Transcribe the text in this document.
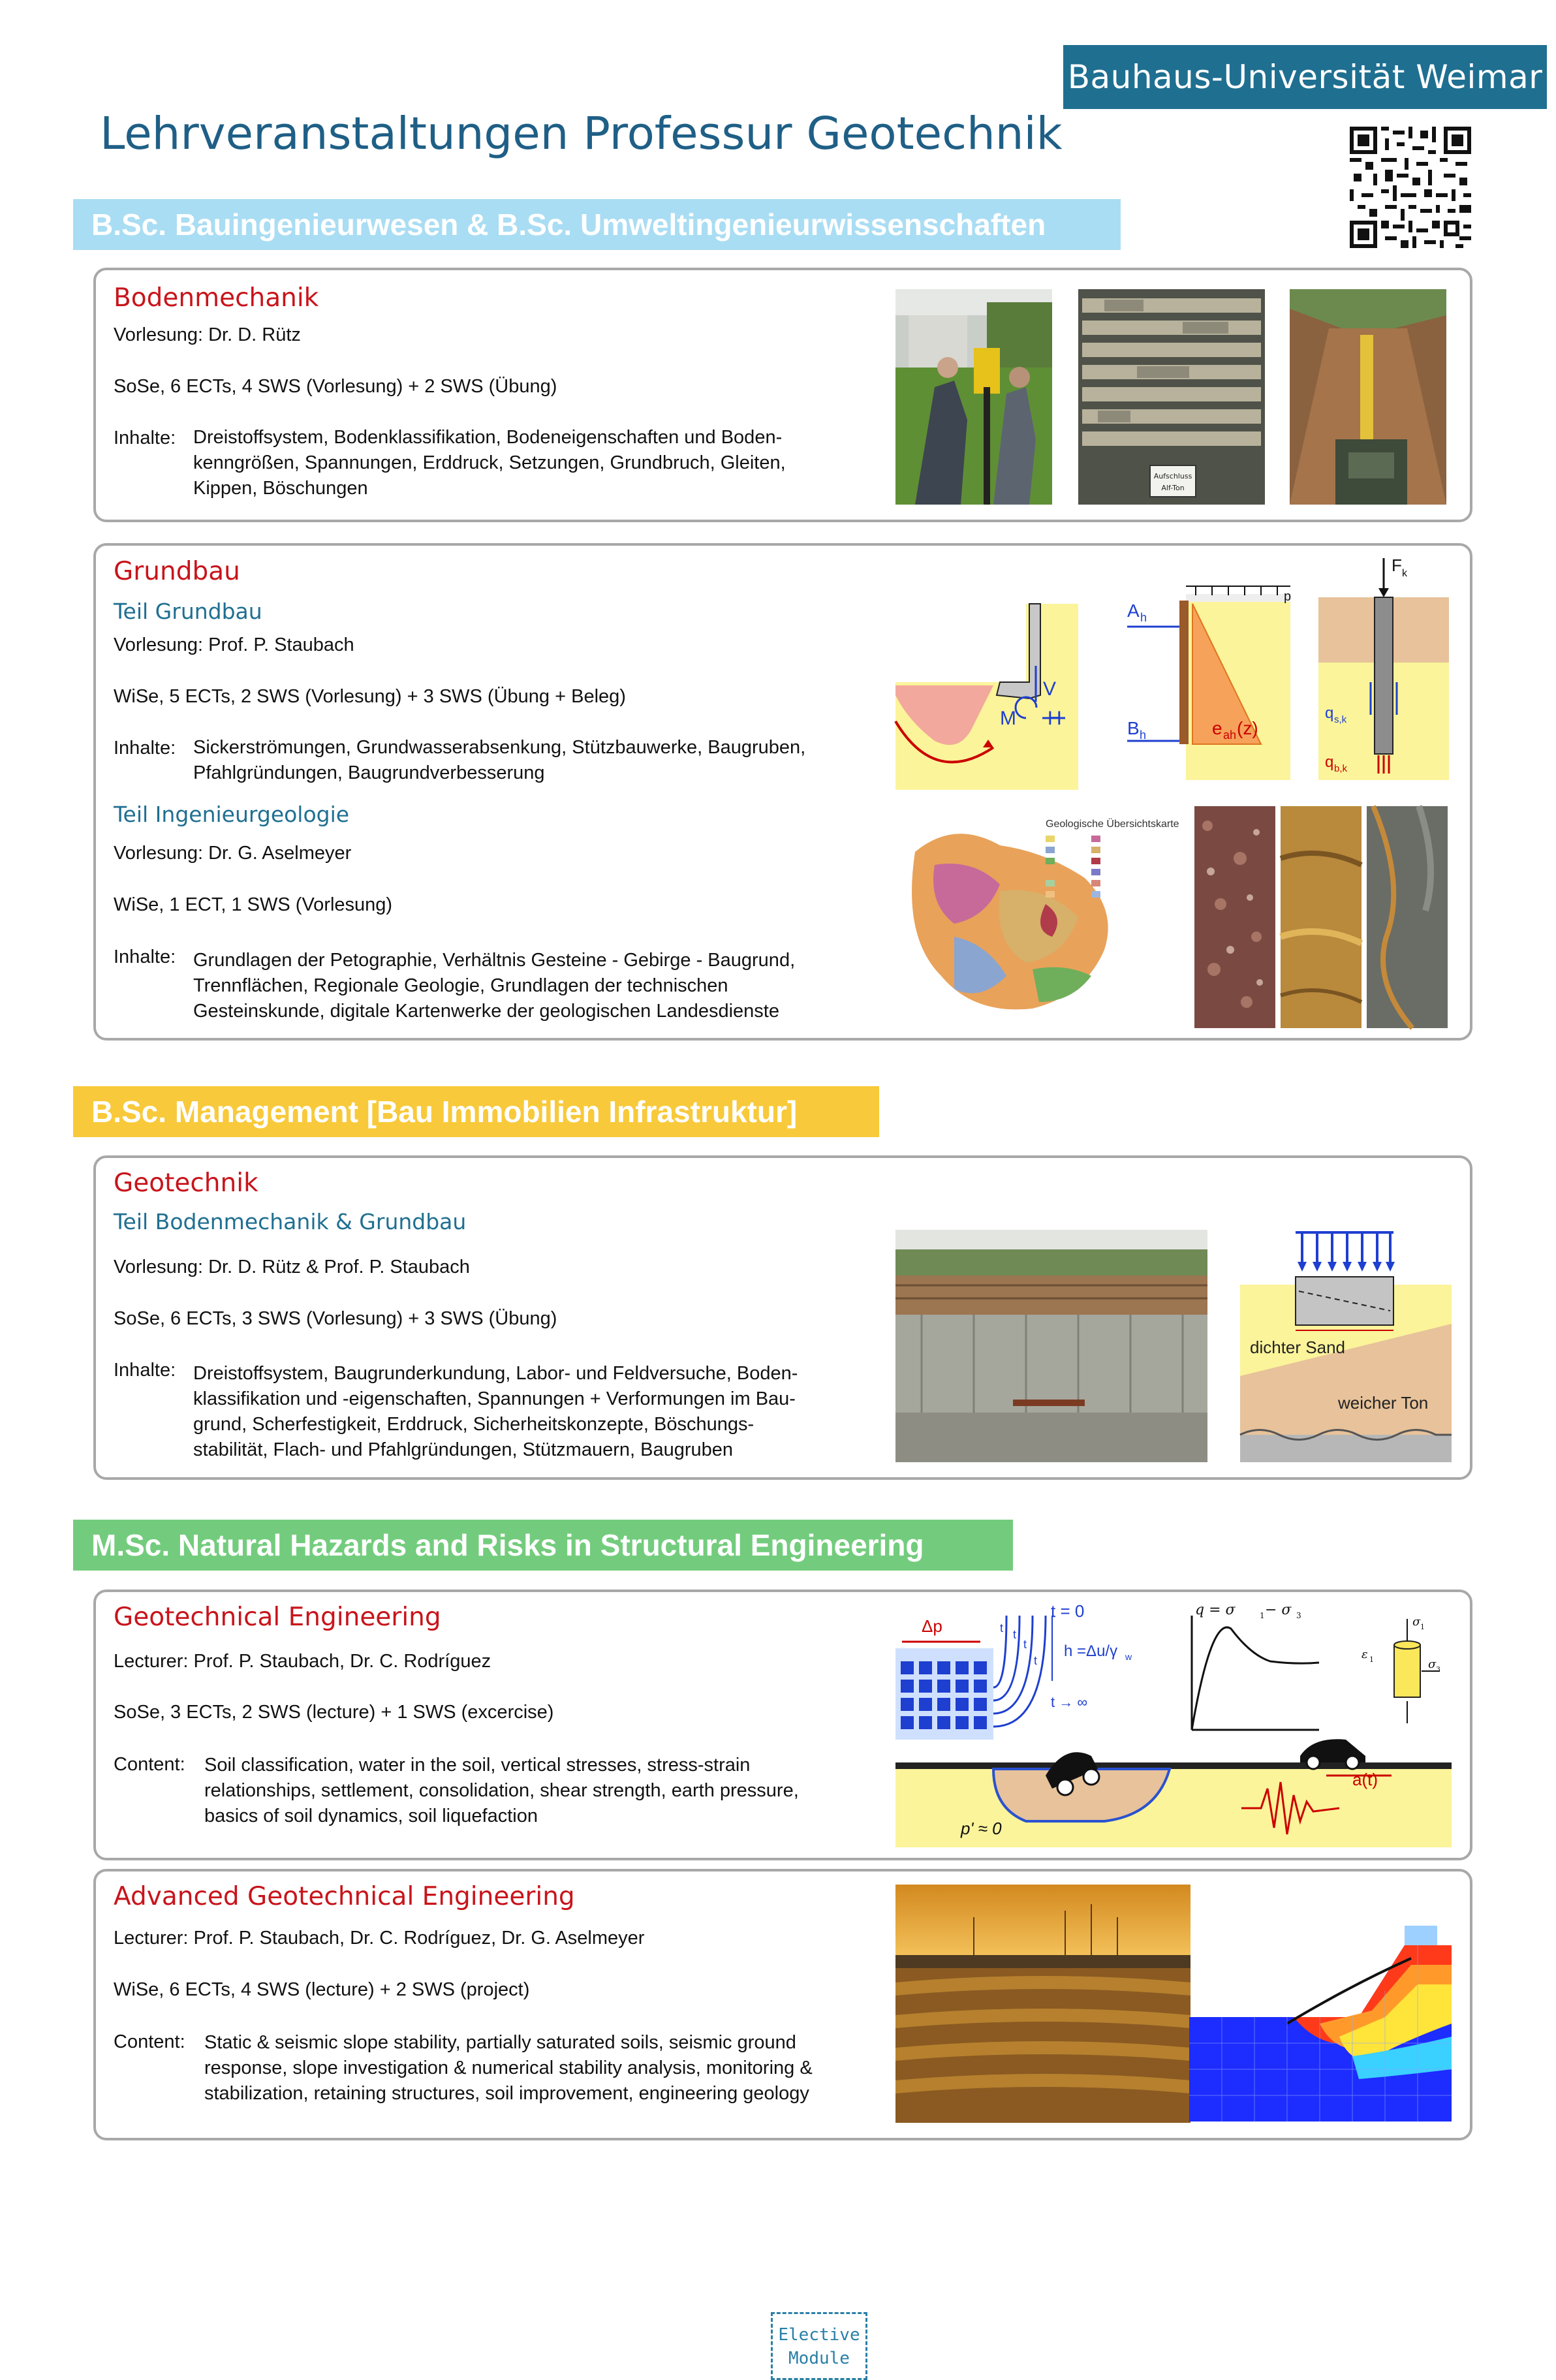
Bauhaus-Universität Weimar
Lehrveranstaltungen Professur Geotechnik
B.Sc. Bauingenieurwesen & B.Sc. Umweltingenieurwissenschaften
Bodenmechanik
Vorlesung: Dr. D. Rütz
SoSe, 6 ECTs, 4 SWS (Vorlesung) + 2 SWS (Übung)
Inhalte: Dreistoffsystem, Bodenklassifikation, Bodeneigenschaften und Boden-
kenngrößen, Spannungen, Erddruck, Setzungen, Grundbruch, Gleiten,
Kippen, Böschungen
Aufschluss
Alf-Ton
Grundbau
Teil Grundbau
Vorlesung: Prof. P. Staubach
WiSe, 5 ECTs, 2 SWS (Vorlesung) + 3 SWS (Übung + Beleg)
Inhalte: Sickerströmungen, Grundwasserabsenkung, Stützbauwerke, Baugruben,
Pfahlgründungen, Baugrundverbesserung
Teil Ingenieurgeologie
Vorlesung: Dr. G. Aselmeyer
WiSe, 1 ECT, 1 SWS (Vorlesung)
Inhalte: Grundlagen der Petographie, Verhältnis Gesteine - Gebirge - Baugrund,
Trennflächen, Regionale Geologie, Grundlagen der technischen
Gesteinskunde, digitale Kartenwerke der geologischen Landesdienste
V
M H
p
A h
B h	e ah (z)
F k
q s,k
q b,k
Geologische Übersichtskarte
B.Sc. Management [Bau Immobilien Infrastruktur]
Geotechnik
Teil Bodenmechanik & Grundbau
Vorlesung: Dr. D. Rütz & Prof. P. Staubach
SoSe, 6 ECTs, 3 SWS (Vorlesung) + 3 SWS (Übung)
Inhalte: Dreistoffsystem, Baugrunderkundung, Labor- und Feldversuche, Boden-
klassifikation und -eigenschaften, Spannungen + Verformungen im Bau-
grund, Scherfestigkeit, Erddruck, Sicherheitskonzepte, Böschungs-
stabilität, Flach- und Pfahlgründungen, Stützmauern, Baugruben
dichter Sand
weicher Ton
M.Sc. Natural Hazards and Risks in Structural Engineering
Geotechnical Engineering
Lecturer: Prof. P. Staubach, Dr. C. Rodríguez
SoSe, 3 ECTs, 2 SWS (lecture) + 1 SWS (excercise)
Content: Soil classification, water in the soil, vertical stresses, stress-strain
relationships, settlement, consolidation, shear strength, earth pressure,
basics of soil dynamics, soil liquefaction
Δp	t t
t
t
t = 0
h =Δu/γ w
t → ∞
q = σ	1 − σ 3	σ 1
σ 3
ε 1
p' ≈ 0
a(t)
Advanced Geotechnical Engineering
Elective
Module
Lecturer: Prof. P. Staubach, Dr. C. Rodríguez, Dr. G. Aselmeyer
WiSe, 6 ECTs, 4 SWS (lecture) + 2 SWS (project)
Content: Static & seismic slope stability, partially saturated soils, seismic ground
response, slope investigation & numerical stability analysis, monitoring &
stabilization, retaining structures, soil improvement, engineering geology
